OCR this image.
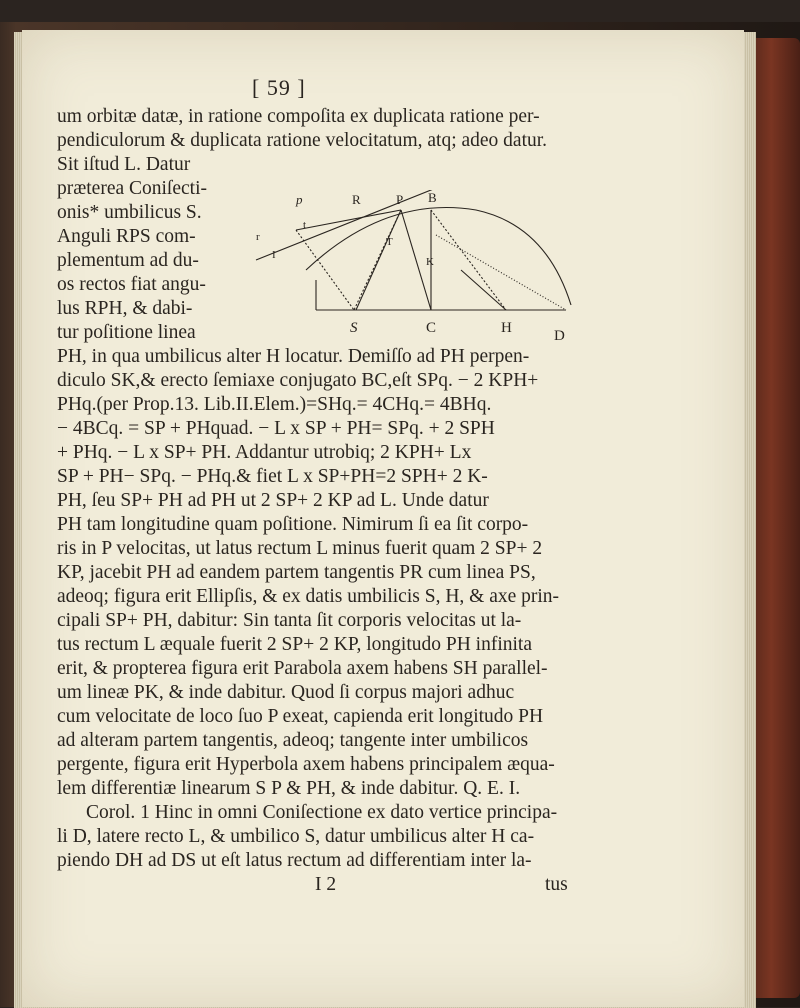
[ 59 ]
um orbitæ datæ, in ratione compoſita ex duplicata ratione per-
pendiculorum & duplicata ratione velocitatum, atq; adeo datur.
Sit iſtud L. Datur
præterea Coniſecti-
onis* umbilicus S.
Anguli RPS com-
plementum ad du-
os rectos fiat angu-
lus RPH, & dabi-
tur poſitione linea
p	R	P B
r
t
T
K
I
S	C	H	D
PH, in qua umbilicus alter H locatur. Demiſſo ad PH perpen-
diculo SK,& erecto ſemiaxe conjugato BC,eſt SPq. − 2 KPH+
PHq.(per Prop.13. Lib.II.Elem.)=SHq.= 4CHq.= 4BHq.
− 4BCq. = SP + PHquad. − L x SP + PH= SPq. + 2 SPH
+ PHq. − L x SP+ PH. Addantur utrobiq; 2 KPH+ Lx
SP + PH− SPq. − PHq.& fiet L x SP+PH=2 SPH+ 2 K-
PH, ſeu SP+ PH ad PH ut 2 SP+ 2 KP ad L. Unde datur
PH tam longitudine quam poſitione. Nimirum ſi ea ſit corpo-
ris in P velocitas, ut latus rectum L minus fuerit quam 2 SP+ 2
KP, jacebit PH ad eandem partem tangentis PR cum linea PS,
adeoq; figura erit Ellipſis, & ex datis umbilicis S, H, & axe prin-
cipali SP+ PH, dabitur: Sin tanta ſit corporis velocitas ut la-
tus rectum L æquale fuerit 2 SP+ 2 KP, longitudo PH infinita
erit, & propterea figura erit Parabola axem habens SH parallel-
um lineæ PK, & inde dabitur. Quod ſi corpus majori adhuc
cum velocitate de loco ſuo P exeat, capienda erit longitudo PH
ad alteram partem tangentis, adeoq; tangente inter umbilicos
pergente, figura erit Hyperbola axem habens principalem æqua-
lem differentiæ linearum S P & PH, & inde dabitur. Q. E. I.
Corol. 1 Hinc in omni Coniſectione ex dato vertice principa-
li D, latere recto L, & umbilico S, datur umbilicus alter H ca-
piendo DH ad DS ut eſt latus rectum ad differentiam inter la-
I 2	tus
